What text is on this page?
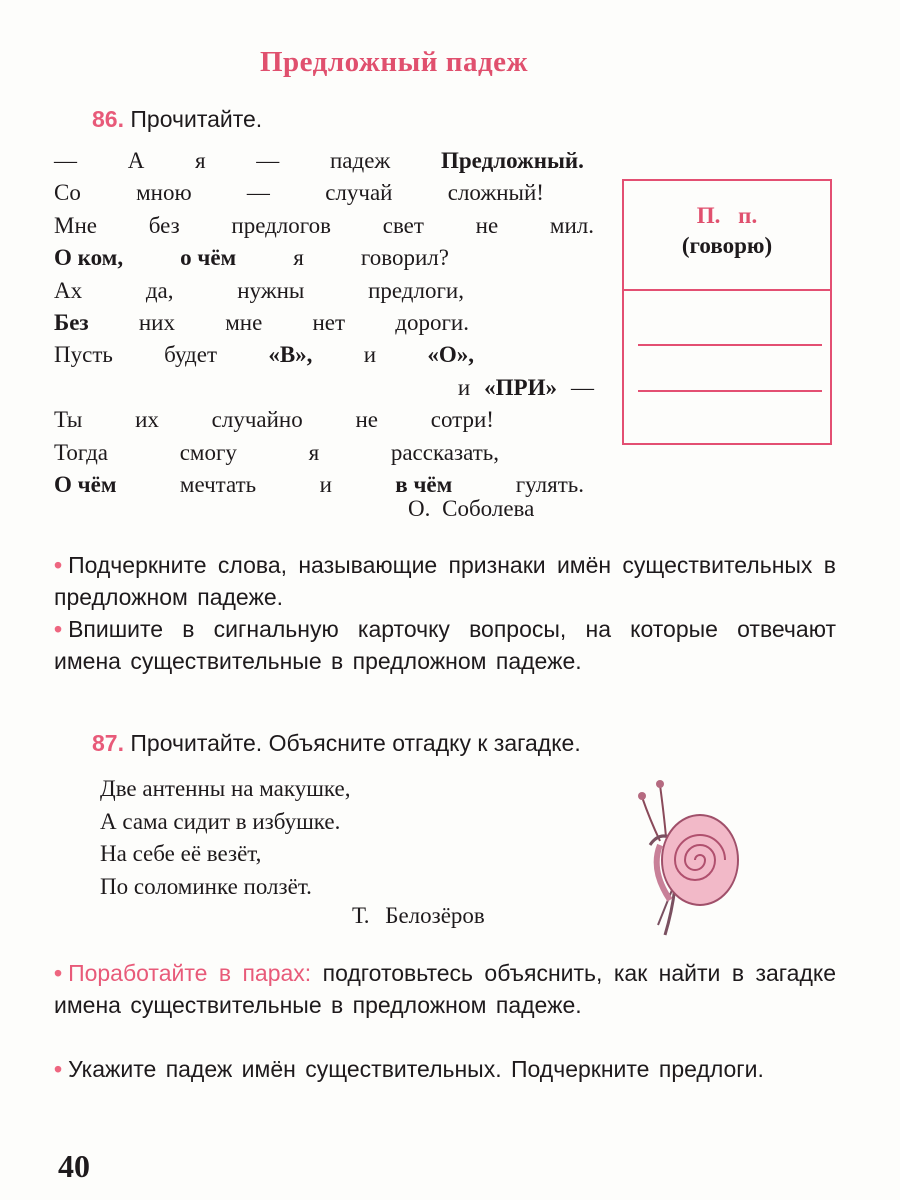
Предложный падеж
86. Прочитайте.
— А я — падеж Предложный.
Со мною — случай сложный!
Мне без предлогов свет не мил.
О ком, о чём я говорил?
Ах	да,	нужны	предлоги,
Без них мне нет дороги.
Пусть будет «В», и «О»,
и «ПРИ» —
Ты их случайно не сотри!
Тогда	смогу	я	рассказать,
О чём	мечтать	и	в чём	гулять.
О. Соболева
П. п.
(говорю)
• Подчеркните слова, называющие признаки имён существительных в предложном падеже.
• Впишите в сигнальную карточку вопросы, на которые отвечают имена существительные в предложном падеже.
87. Прочитайте. Объясните отгадку к загадке.
Две антенны на макушке,
А сама сидит в избушке.
На себе её везёт,
По соломинке ползёт.
Т. Белозёров
• Поработайте в парах: подготовьтесь объяснить, как найти в загадке имена существительные в предложном падеже.
• Укажите падеж имён существительных. Подчеркните предлоги.
40
